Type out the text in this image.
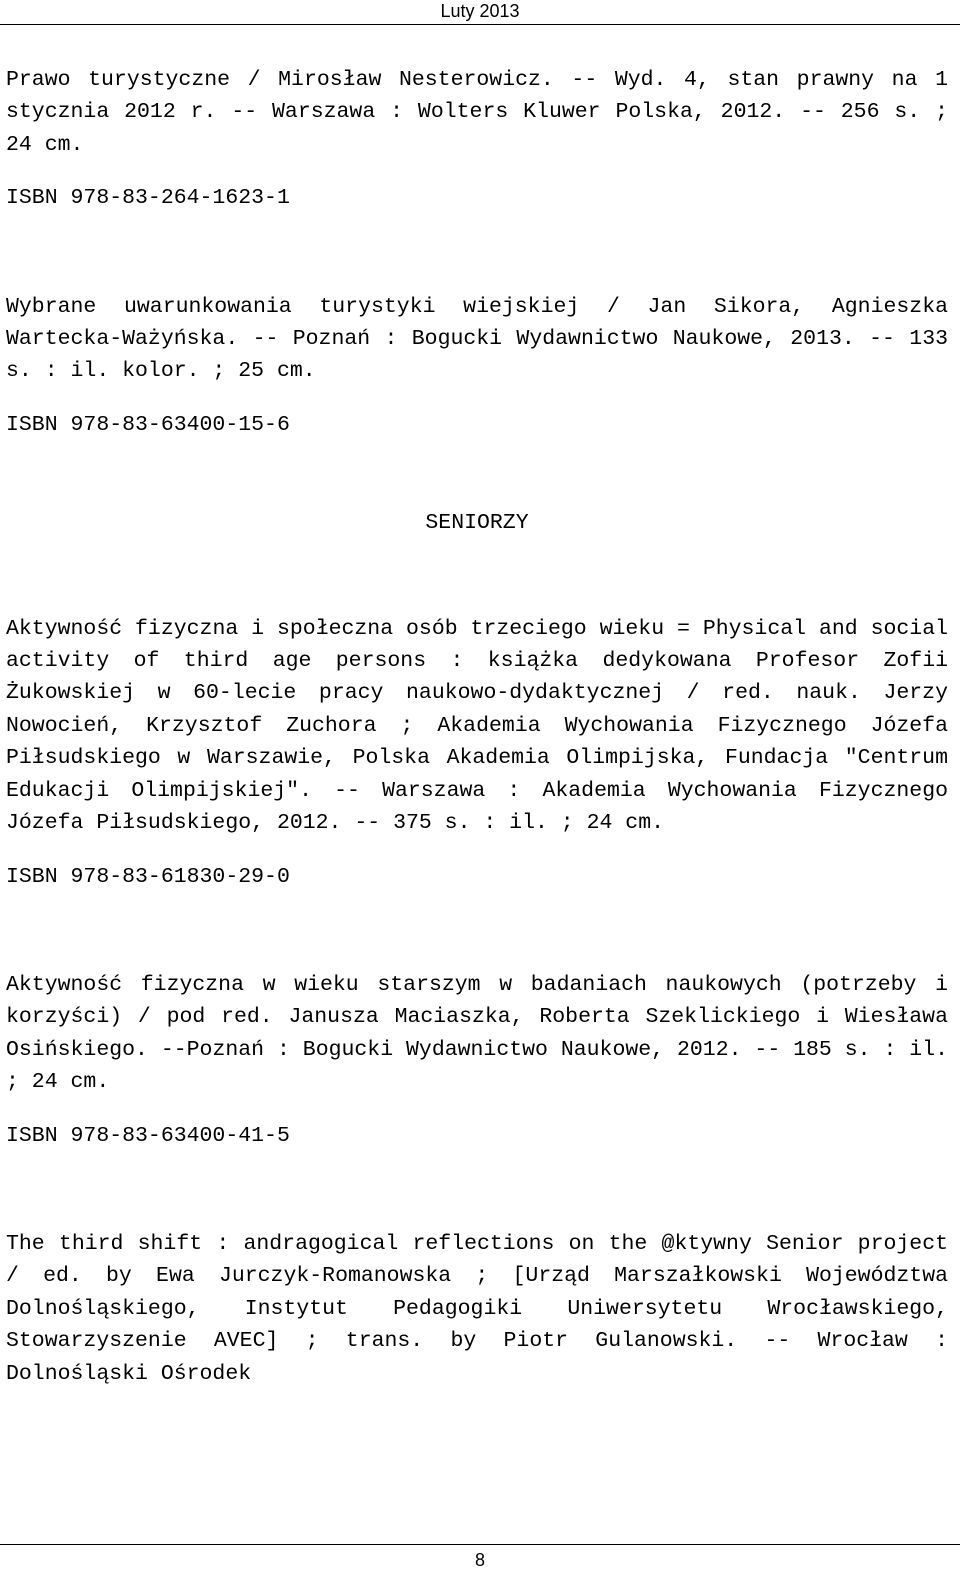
Luty 2013

Prawo turystyczne / Mirosław Nesterowicz. -- Wyd. 4, stan prawny na 1 stycznia 2012 r. -- Warszawa : Wolters Kluwer Polska, 2012. -- 256 s. ; 24 cm.

ISBN 978-83-264-1623-1

Wybrane uwarunkowania turystyki wiejskiej / Jan Sikora, Agnieszka Wartecka-Ważyńska. -- Poznań : Bogucki Wydawnictwo Naukowe, 2013. -- 133 s. : il. kolor. ; 25 cm.

ISBN 978-83-63400-15-6

SENIORZY

Aktywność fizyczna i społeczna osób trzeciego wieku = Physical and social activity of third age persons : książka dedykowana Profesor Zofii Żukowskiej w 60-lecie pracy naukowo-dydaktycznej / red. nauk. Jerzy Nowocień, Krzysztof Zuchora ; Akademia Wychowania Fizycznego Józefa Piłsudskiego w Warszawie, Polska Akademia Olimpijska, Fundacja "Centrum Edukacji Olimpijskiej". -- Warszawa : Akademia Wychowania Fizycznego Józefa Piłsudskiego, 2012. -- 375 s. : il. ; 24 cm.

ISBN 978-83-61830-29-0

Aktywność fizyczna w wieku starszym w badaniach naukowych (potrzeby i korzyści) / pod red. Janusza Maciaszka, Roberta Szeklickiego i Wiesława Osińskiego. --Poznań : Bogucki Wydawnictwo Naukowe, 2012. -- 185 s. : il. ; 24 cm.

ISBN 978-83-63400-41-5

The third shift : andragogical reflections on the @ktywny Senior project / ed. by Ewa Jurczyk-Romanowska ; [Urząd Marszałkowski Województwa Dolnośląskiego, Instytut Pedagogiki Uniwersytetu Wrocławskiego, Stowarzyszenie AVEC] ; trans. by Piotr Gulanowski. -- Wrocław : Dolnośląski Ośrodek

8
